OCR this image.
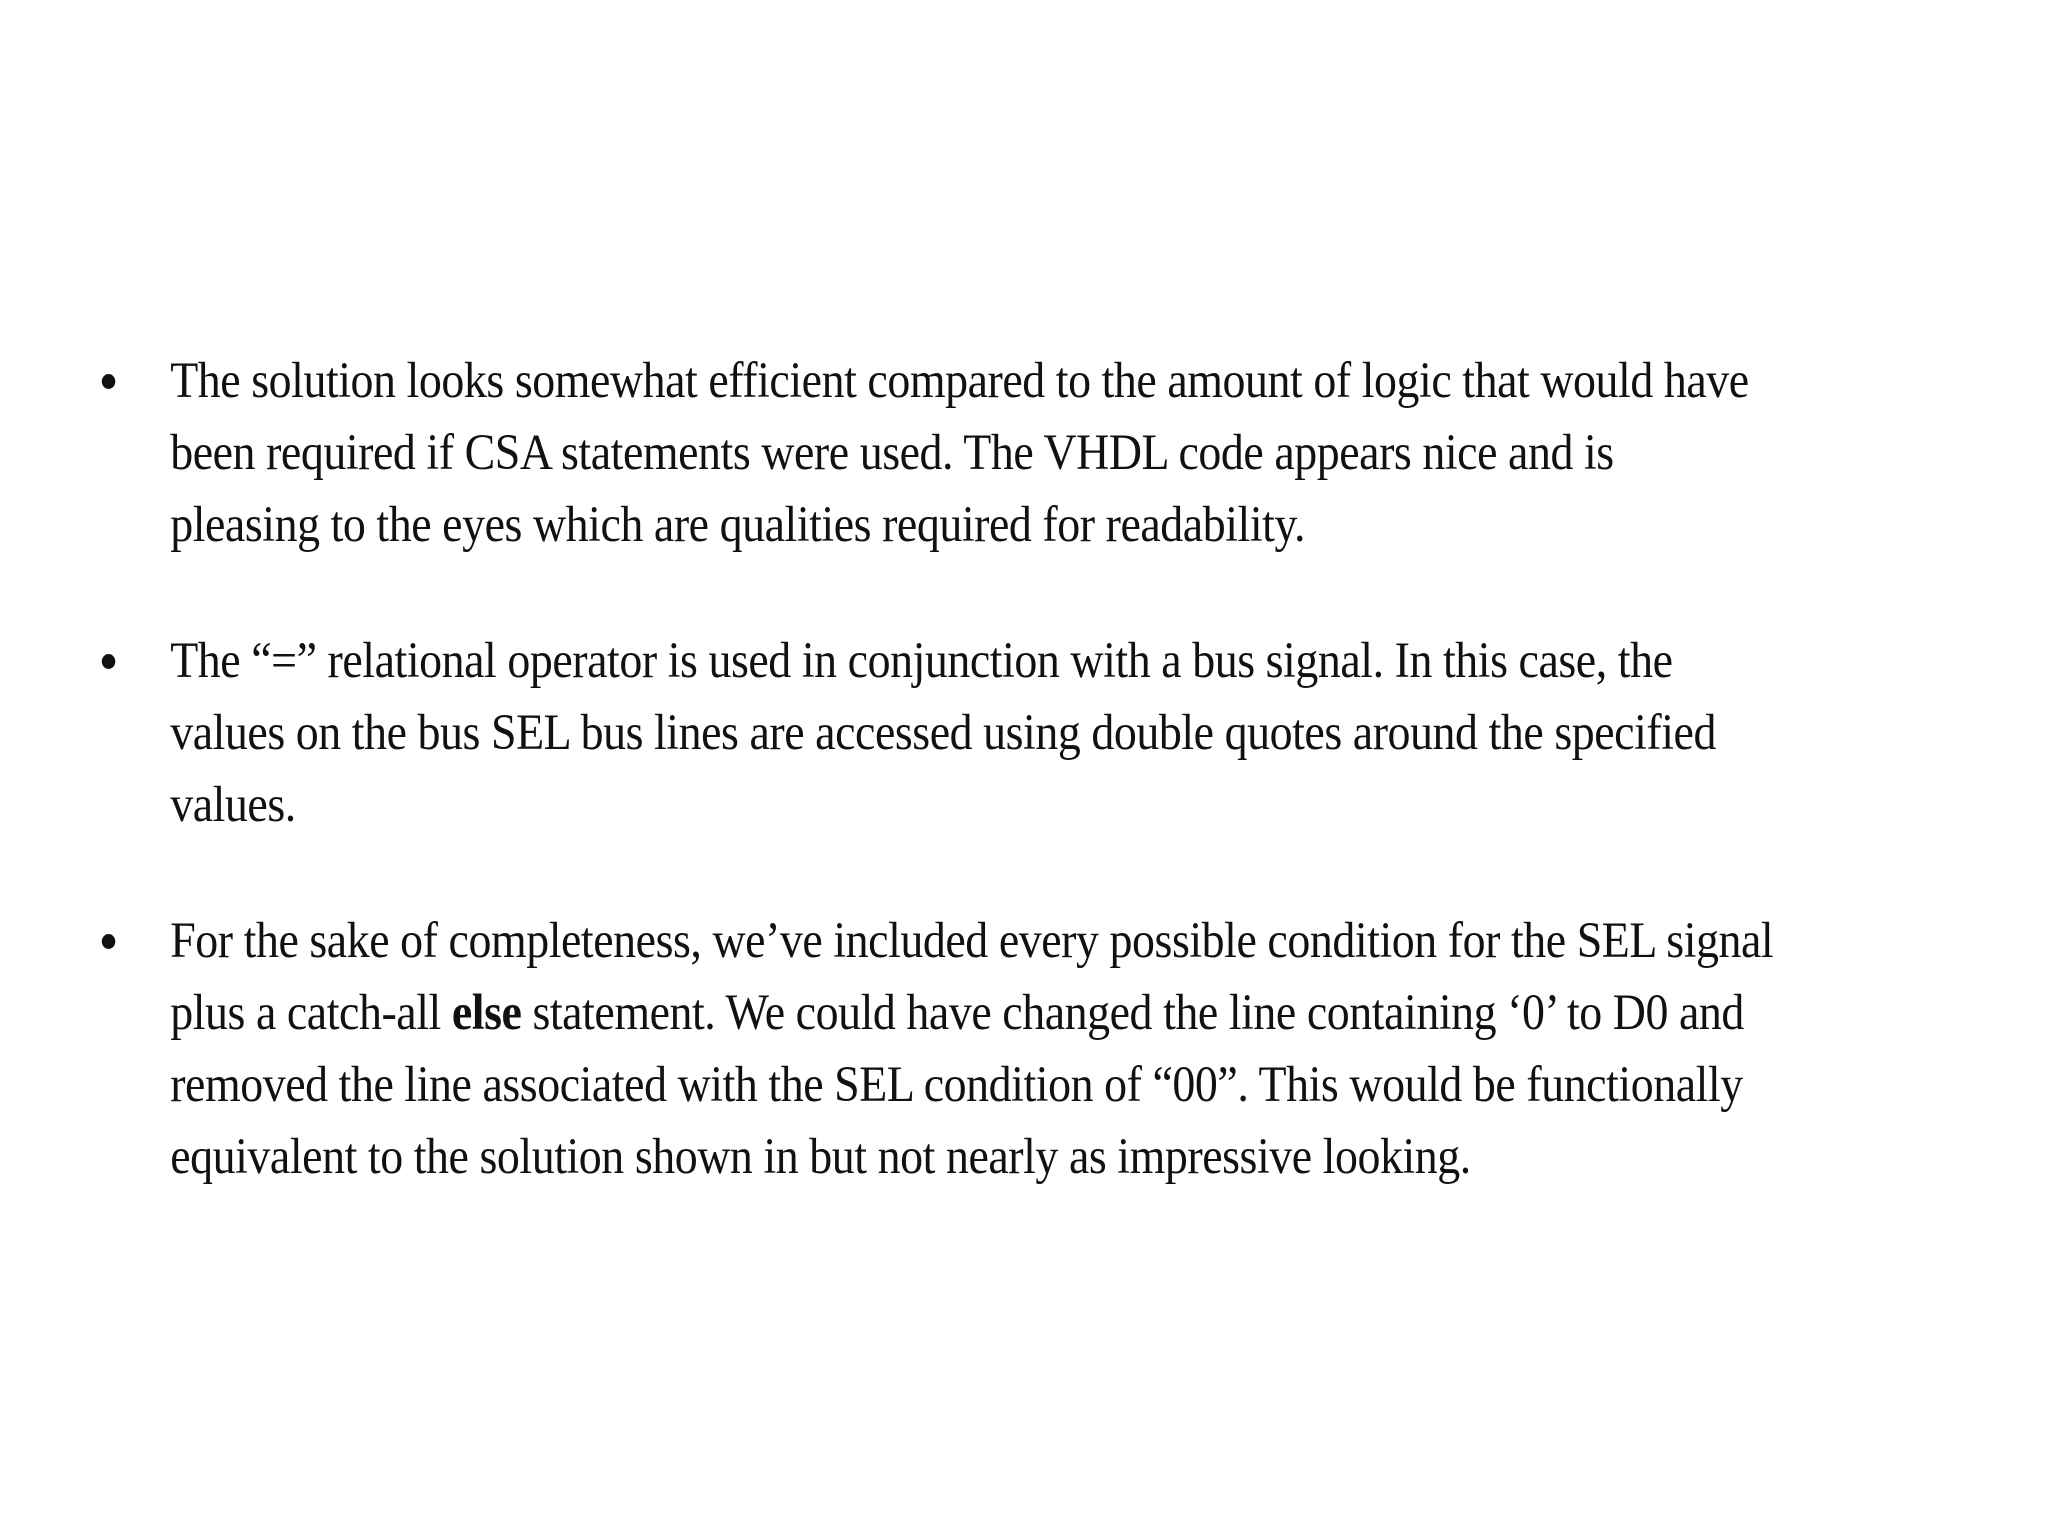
The solution looks somewhat efficient compared to the amount of logic that would have been required if CSA statements were used. The VHDL code appears nice and is pleasing to the eyes which are qualities required for readability.
The “=” relational operator is used in conjunction with a bus signal. In this case, the values on the bus SEL bus lines are accessed using double quotes around the specified values.
For the sake of completeness, we’ve included every possible condition for the SEL signal plus a catch-all else statement. We could have changed the line containing ‘0’ to D0 and removed the line associated with the SEL condition of “00”. This would be functionally equivalent to the solution shown in but not nearly as impressive looking.
